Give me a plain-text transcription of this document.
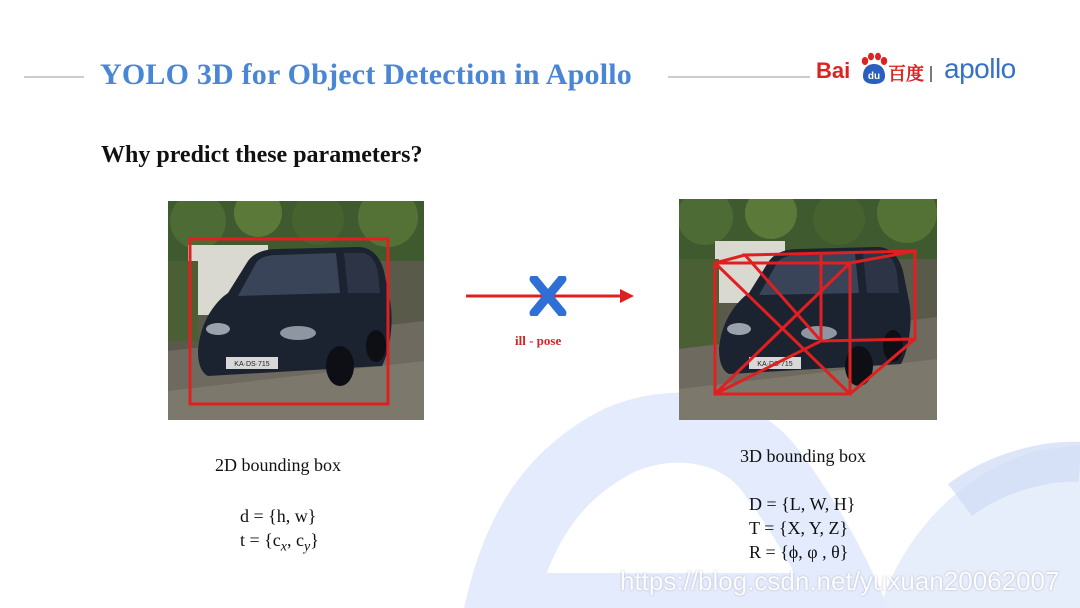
YOLO 3D for Object Detection in Apollo	Bai du 百度 apollo
Why predict these parameters?
KA·DS·715
ill - pose
KA·DS·715
2D bounding box
d = {h, w}
$t = \{c_x$, $c_y$}
3D bounding box
D = {L, W, H}
T = {X, Y, Z}
R = {ϕ, φ , θ}
https://blog.csdn.net/yuxuan20062007
